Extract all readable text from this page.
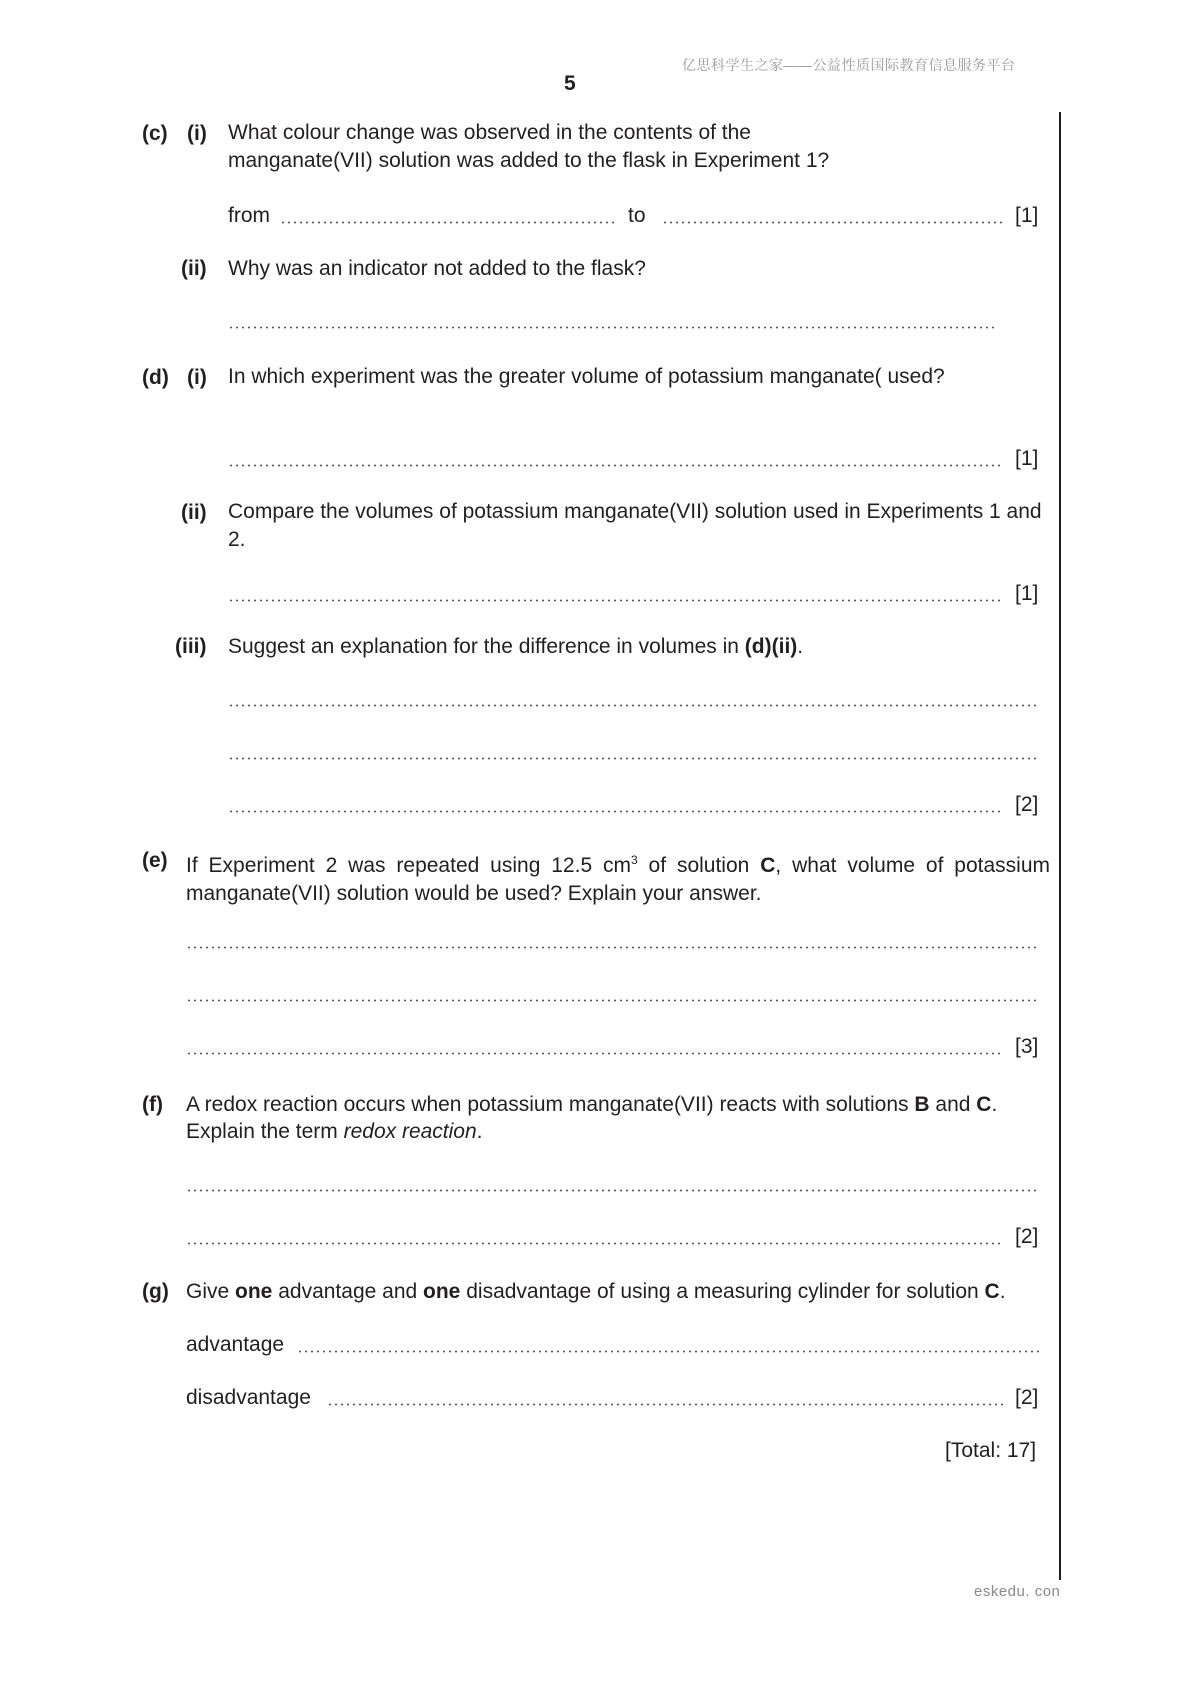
亿思科学生之家——公益性质国际教育信息服务平台
5
(c) (i) What colour change was observed in the contents of the manganate(VII) solution was added to the flask in Experiment 1?
from	to	[1]
(ii) Why was an indicator not added to the flask?
(d) (i) In which experiment was the greater volume of potassium manganate( used?
[1]
(ii) Compare the volumes of potassium manganate(VII) solution used in Experiments 1 and 2.
[1]
(iii) Suggest an explanation for the difference in volumes in (d)(ii).
[2]
(e) If Experiment 2 was repeated using 12.5 $cm^3$ of solution C, what volume of potassium manganate(VII) solution would be used? Explain your answer.
[3]
(f) A redox reaction occurs when potassium manganate(VII) reacts with solutions B and C.
Explain the term redox reaction.
[2]
(g) Give one advantage and one disadvantage of using a measuring cylinder for solution C.
advantage
disadvantage	[2]
[Total: 17]
eskedu. con
